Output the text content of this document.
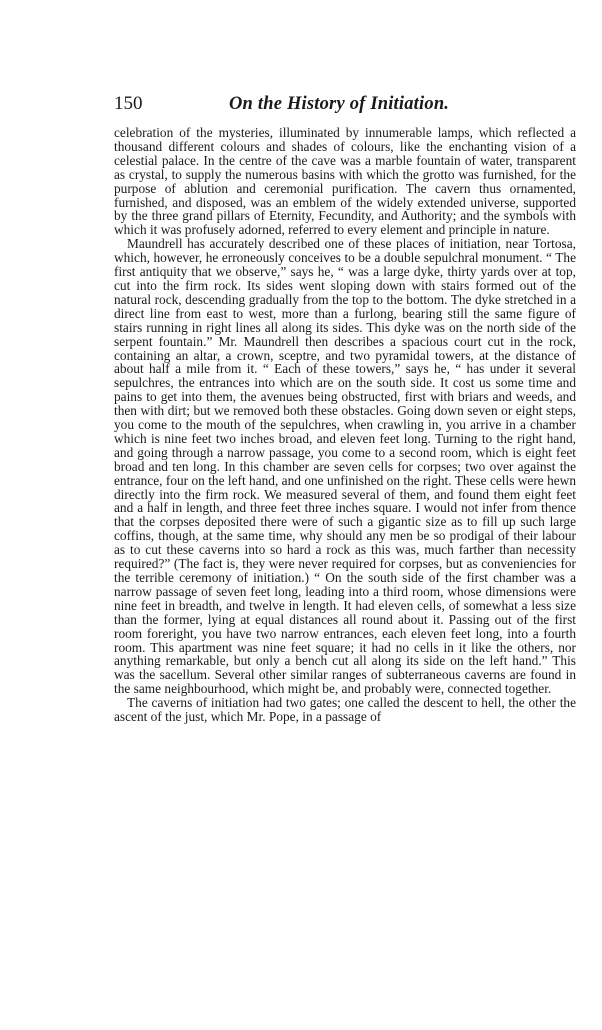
150	On the History of Initiation.

celebration of the mysteries, illuminated by innumerable lamps, which reflected a thousand different colours and shades of colours, like the enchanting vision of a celestial palace. In the centre of the cave was a marble fountain of water, transparent as crystal, to supply the numerous basins with which the grotto was furnished, for the purpose of ablution and ceremonial purification. The cavern thus ornamented, furnished, and disposed, was an emblem of the widely extended universe, supported by the three grand pillars of Eternity, Fecundity, and Authority; and the symbols with which it was profusely adorned, referred to every element and principle in nature.

Maundrell has accurately described one of these places of initiation, near Tortosa, which, however, he erroneously conceives to be a double sepulchral monument. “ The first antiquity that we observe,” says he, “ was a large dyke, thirty yards over at top, cut into the firm rock. Its sides went sloping down with stairs formed out of the natural rock, descending gradually from the top to the bottom. The dyke stretched in a direct line from east to west, more than a furlong, bearing still the same figure of stairs running in right lines all along its sides. This dyke was on the north side of the serpent fountain.” Mr. Maundrell then describes a spacious court cut in the rock, containing an altar, a crown, sceptre, and two pyramidal towers, at the distance of about half a mile from it. “ Each of these towers,” says he, “ has under it several sepulchres, the entrances into which are on the south side. It cost us some time and pains to get into them, the avenues being obstructed, first with briars and weeds, and then with dirt; but we removed both these obstacles. Going down seven or eight steps, you come to the mouth of the sepulchres, when crawling in, you arrive in a chamber which is nine feet two inches broad, and eleven feet long. Turning to the right hand, and going through a narrow passage, you come to a second room, which is eight feet broad and ten long. In this chamber are seven cells for corpses; two over against the entrance, four on the left hand, and one unfinished on the right. These cells were hewn directly into the firm rock. We measured several of them, and found them eight feet and a half in length, and three feet three inches square. I would not infer from thence that the corpses deposited there were of such a gigantic size as to fill up such large coffins, though, at the same time, why should any men be so prodigal of their labour as to cut these caverns into so hard a rock as this was, much farther than necessity required?” (The fact is, they were never required for corpses, but as conveniencies for the terrible ceremony of initiation.) “ On the south side of the first chamber was a narrow passage of seven feet long, leading into a third room, whose dimensions were nine feet in breadth, and twelve in length. It had eleven cells, of somewhat a less size than the former, lying at equal distances all round about it. Passing out of the first room foreright, you have two narrow entrances, each eleven feet long, into a fourth room. This apartment was nine feet square; it had no cells in it like the others, nor anything remarkable, but only a bench cut all along its side on the left hand.” This was the sacellum. Several other similar ranges of subterraneous caverns are found in the same neighbourhood, which might be, and probably were, connected together.

The caverns of initiation had two gates; one called the descent to hell, the other the ascent of the just, which Mr. Pope, in a passage of
